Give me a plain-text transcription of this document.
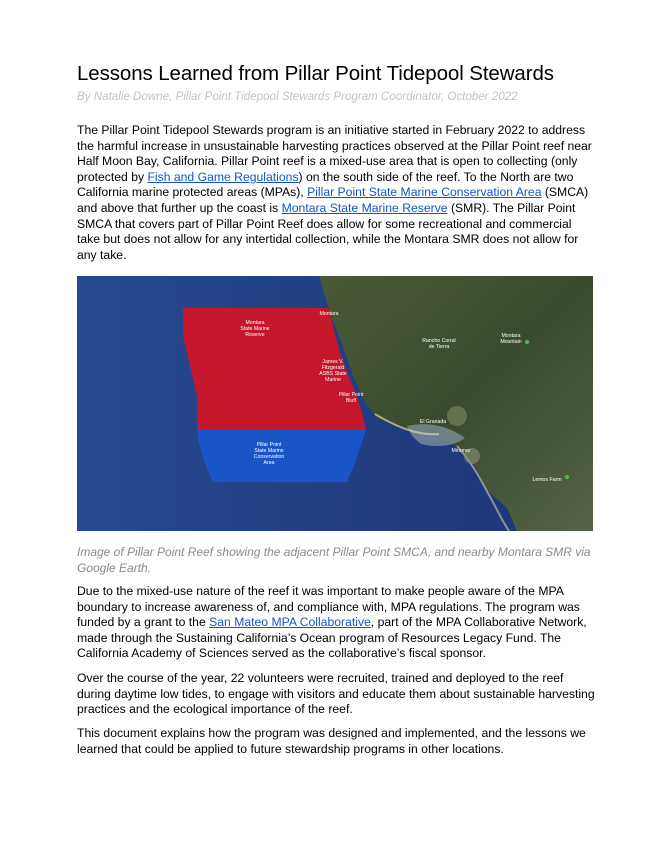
Lessons Learned from Pillar Point Tidepool Stewards
By Natalie Downe, Pillar Point Tidepool Stewards Program Coordinator, October 2022

The Pillar Point Tidepool Stewards program is an initiative started in February 2022 to address the harmful increase in unsustainable harvesting practices observed at the Pillar Point reef near Half Moon Bay, California. Pillar Point reef is a mixed-use area that is open to collecting (only protected by Fish and Game Regulations) on the south side of the reef. To the North are two California marine protected areas (MPAs), Pillar Point State Marine Conservation Area (SMCA) and above that further up the coast is Montara State Marine Reserve (SMR). The Pillar Point SMCA that covers part of Pillar Point Reef does allow for some recreational and commercial take but does not allow for any intertidal collection, while the Montara SMR does not allow for any take.

Montara
State Marine
Reserve
Montara
James V.
Fitzgerald
ASBS State
Marine
Pillar Point
Bluff
Rancho Corral
de Tierra
Montara
Mountain
El Granada
Miramar
Pillar Point
State Marine
Conservation
Area
Lemos Farm
Image of Pillar Point Reef showing the adjacent Pillar Point SMCA, and nearby Montara SMR via Google Earth.

Due to the mixed-use nature of the reef it was important to make people aware of the MPA boundary to increase awareness of, and compliance with, MPA regulations. The program was funded by a grant to the San Mateo MPA Collaborative, part of the MPA Collaborative Network, made through the Sustaining California’s Ocean program of Resources Legacy Fund. The California Academy of Sciences served as the collaborative’s fiscal sponsor.

Over the course of the year, 22 volunteers were recruited, trained and deployed to the reef during daytime low tides, to engage with visitors and educate them about sustainable harvesting practices and the ecological importance of the reef.

This document explains how the program was designed and implemented, and the lessons we learned that could be applied to future stewardship programs in other locations.
